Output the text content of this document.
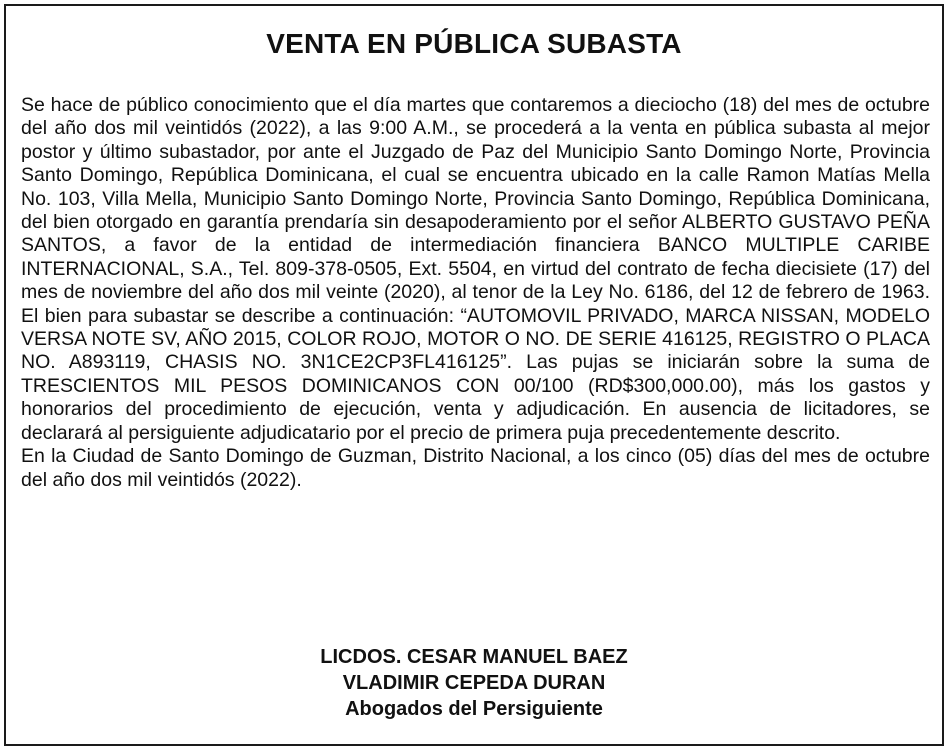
VENTA EN PÚBLICA SUBASTA

Se hace de público conocimiento que el día martes que contaremos a dieciocho (18) del mes de octubre del año dos mil veintidós (2022), a las 9:00 A.M., se procederá a la venta en pública subasta al mejor postor y último subastador, por ante el Juzgado de Paz del Municipio Santo Domingo Norte, Provincia Santo Domingo, República Dominicana, el cual se encuentra ubicado en la calle Ramon Matías Mella No. 103, Villa Mella, Municipio Santo Domingo Norte, Provincia Santo Domingo, República Dominicana, del bien otorgado en garantía prendaría sin desapoderamiento por el señor ALBERTO GUSTAVO PEÑA SANTOS, a favor de la entidad de intermediación financiera BANCO MULTIPLE CARIBE INTERNACIONAL, S.A., Tel. 809-378-0505, Ext. 5504, en virtud del contrato de fecha diecisiete (17) del mes de noviembre del año dos mil veinte (2020), al tenor de la Ley No. 6186, del 12 de febrero de 1963. El bien para subastar se describe a continuación: “AUTOMOVIL PRIVADO, MARCA NISSAN, MODELO VERSA NOTE SV, AÑO 2015, COLOR ROJO, MOTOR O NO. DE SERIE 416125, REGISTRO O PLACA NO. A893119, CHASIS NO. 3N1CE2CP3FL416125”. Las pujas se iniciarán sobre la suma de TRESCIENTOS MIL PESOS DOMINICANOS CON 00/100 (RD$300,000.00), más los gastos y honorarios del procedimiento de ejecución, venta y adjudicación. En ausencia de licitadores, se declarará al persiguiente adjudicatario por el precio de primera puja precedentemente descrito.

En la Ciudad de Santo Domingo de Guzman, Distrito Nacional, a los cinco (05) días del mes de octubre del año dos mil veintidós (2022).

LICDOS. CESAR MANUEL BAEZ
VLADIMIR CEPEDA DURAN
Abogados del Persiguiente
